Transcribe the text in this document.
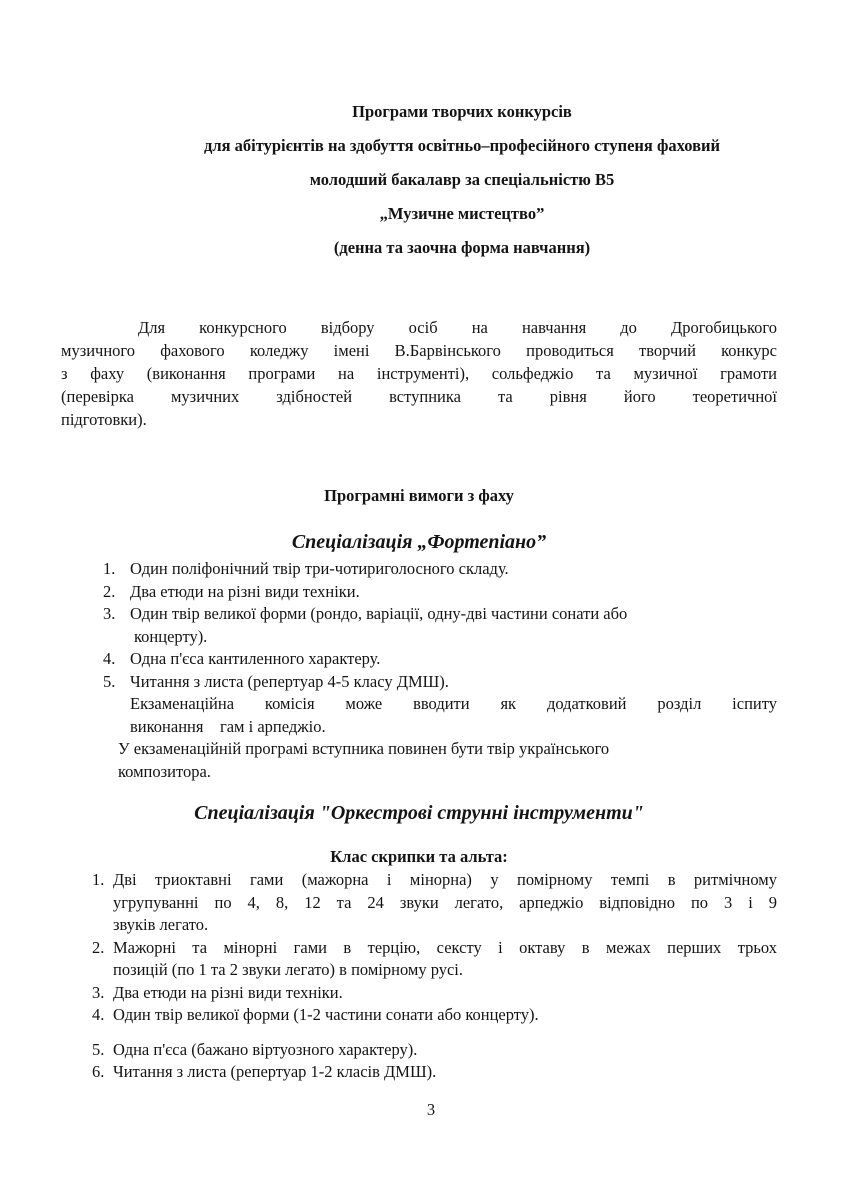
Програми творчих конкурсів
для абітурієнтів на здобуття освітньо–професійного ступеня фаховий
молодший бакалавр за спеціальністю В5
„Музичне мистецтво”
(денна та заочна форма навчання)
Для конкурсного відбору осіб на навчання до Дрогобицького
музичного фахового коледжу імені В.Барвінського проводиться творчий конкурс
з фаху (виконання програми на інструменті), сольфеджіо та музичної грамоти
(перевірка музичних здібностей вступника та рівня його теоретичної
підготовки).
Програмні вимоги з фаху
Спеціалізація „Фортепіано”
1. Один поліфонічний твір три-чотириголосного складу.
2. Два етюди на різні види техніки.
3. Один твір великої форми (рондо, варіації, одну-дві частини сонати або
концерту).
4. Одна п'єса кантиленного характеру.
5. Читання з листа (репертуар 4-5 класу ДМШ).
Екзаменаційна комісія може вводити як додатковий розділ іспиту
виконання    гам і арпеджіо.
У екзаменаційній програмі вступника повинен бути твір українського
композитора.
Спеціалізація "Оркестрові струнні інструменти"
Клас скрипки та альта:
1. Дві триоктавні гами (мажорна і мінорна) у помірному темпі в ритмічному
угрупуванні по 4, 8, 12 та 24 звуки легато, арпеджіо відповідно по 3 і 9
звуків легато.
2. Мажорні та мінорні гами в терцію, сексту і октаву в межах перших трьох
позицій (по 1 та 2 звуки легато) в помірному русі.
3. Два етюди на різні види техніки.
4. Один твір великої форми (1-2 частини сонати або концерту).
5. Одна п'єса (бажано віртуозного характеру).
6. Читання з листа (репертуар 1-2 класів ДМШ).
3
